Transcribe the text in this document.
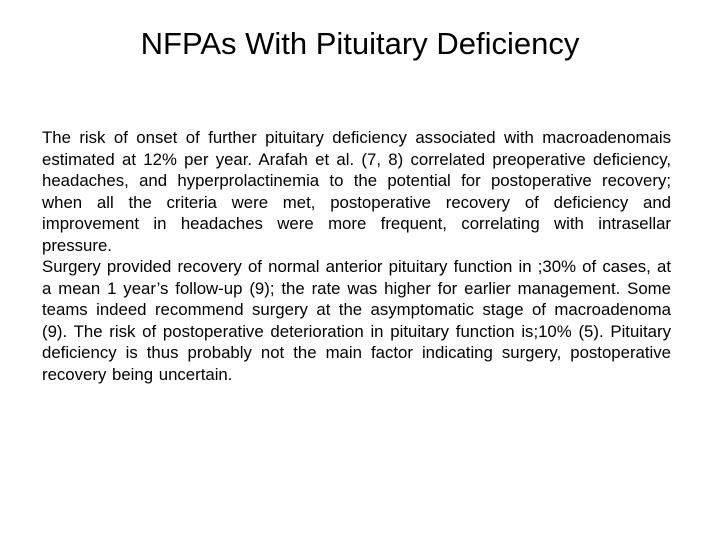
NFPAs With Pituitary Deficiency

The risk of onset of further pituitary deficiency associated with macroadenomais estimated at 12% per year. Arafah et al. (7, 8) correlated preoperative deficiency, headaches, and hyperprolactinemia to the potential for postoperative recovery; when all the criteria were met, postoperative recovery of deficiency and improvement in headaches were more frequent, correlating with intrasellar pressure.

Surgery provided recovery of normal anterior pituitary function in ;30% of cases, at a mean 1 year’s follow-up (9); the rate was higher for earlier management. Some teams indeed recommend surgery at the asymptomatic stage of macroadenoma (9). The risk of postoperative deterioration in pituitary function is;10% (5). Pituitary deficiency is thus probably not the main factor indicating surgery, postoperative recovery being uncertain.
